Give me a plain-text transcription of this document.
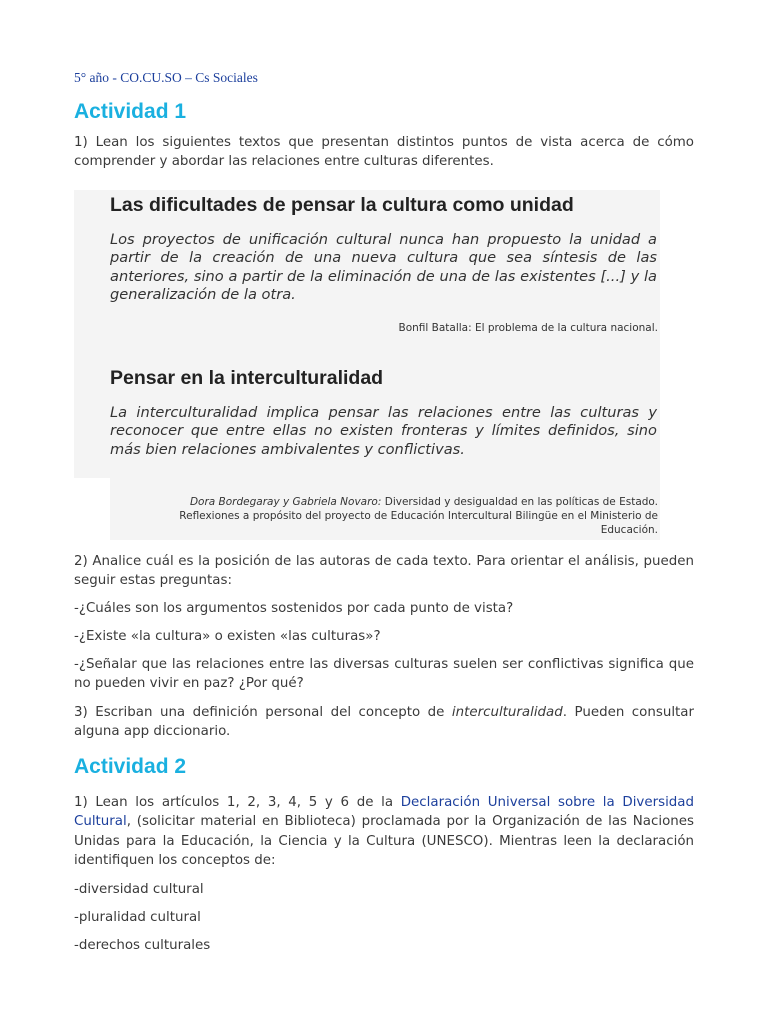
5° año - CO.CU.SO – Cs Sociales
Actividad 1

1) Lean los siguientes textos que presentan distintos puntos de vista acerca de cómo comprender y abordar las relaciones entre culturas diferentes.

Las dificultades de pensar la cultura como unidad

Los proyectos de unificación cultural nunca han propuesto la unidad a partir de la creación de una nueva cultura que sea síntesis de las anteriores, sino a partir de la eliminación de una de las existentes [...] y la generalización de la otra.

Bonfil Batalla: El problema de la cultura nacional.
Pensar en la interculturalidad

La interculturalidad implica pensar las relaciones entre las culturas y reconocer que entre ellas no existen fronteras y límites definidos, sino más bien relaciones ambivalentes y conflictivas.

Dora Bordegaray y Gabriela Novaro: Diversidad y desigualdad en las políticas de Estado.
Reflexiones a propósito del proyecto de Educación Intercultural Bilingüe en el Ministerio de
Educación.

2) Analice cuál es la posición de las autoras de cada texto. Para orientar el análisis, pueden seguir estas preguntas:

-¿Cuáles son los argumentos sostenidos por cada punto de vista?

-¿Existe «la cultura» o existen «las culturas»?

-¿Señalar que las relaciones entre las diversas culturas suelen ser conflictivas significa que no pueden vivir en paz? ¿Por qué?

3) Escriban una definición personal del concepto de interculturalidad. Pueden consultar alguna app diccionario.

Actividad 2

1) Lean los artículos 1, 2, 3, 4, 5 y 6 de la Declaración Universal sobre la Diversidad Cultural, (solicitar material en Biblioteca) proclamada por la Organización de las Naciones Unidas para la Educación, la Ciencia y la Cultura (UNESCO). Mientras leen la declaración identifiquen los conceptos de:

-diversidad cultural

-pluralidad cultural

-derechos culturales
